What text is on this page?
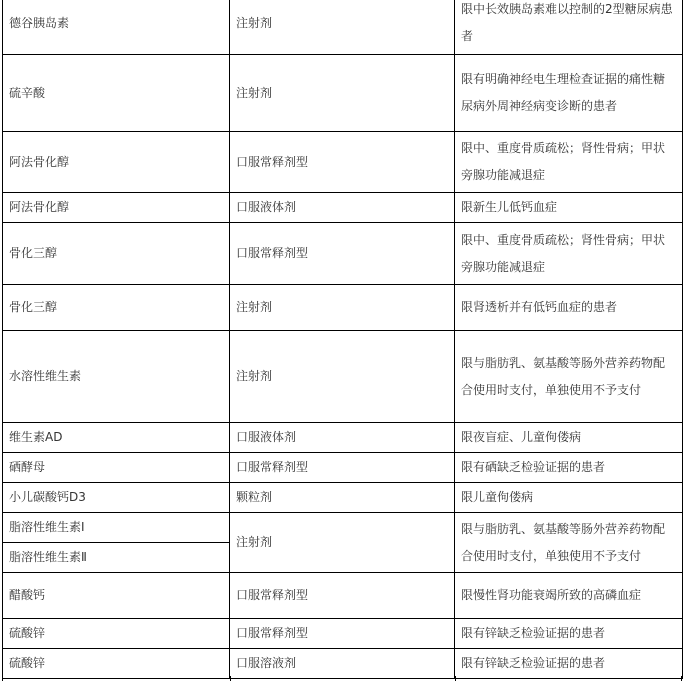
德谷胰岛素	注射剂	限中长效胰岛素难以控制的2型糖尿病患者
硫辛酸	注射剂	限有明确神经电生理检查证据的痛性糖尿病外周神经病变诊断的患者
阿法骨化醇	口服常释剂型	限中、重度骨质疏松；肾性骨病；甲状旁腺功能减退症
阿法骨化醇	口服液体剂	限新生儿低钙血症
骨化三醇	口服常释剂型	限中、重度骨质疏松；肾性骨病；甲状旁腺功能减退症
骨化三醇	注射剂	限肾透析并有低钙血症的患者
水溶性维生素	注射剂	限与脂肪乳、氨基酸等肠外营养药物配合使用时支付，单独使用不予支付
维生素AD	口服液体剂	限夜盲症、儿童佝偻病
硒酵母	口服常释剂型	限有硒缺乏检验证据的患者
小儿碳酸钙D3	颗粒剂	限儿童佝偻病
脂溶性维生素Ⅰ	注射剂	限与脂肪乳、氨基酸等肠外营养药物配合使用时支付，单独使用不予支付
脂溶性维生素Ⅱ		
醋酸钙	口服常释剂型	限慢性肾功能衰竭所致的高磷血症
硫酸锌	口服常释剂型	限有锌缺乏检验证据的患者
硫酸锌	口服溶液剂	限有锌缺乏检验证据的患者
